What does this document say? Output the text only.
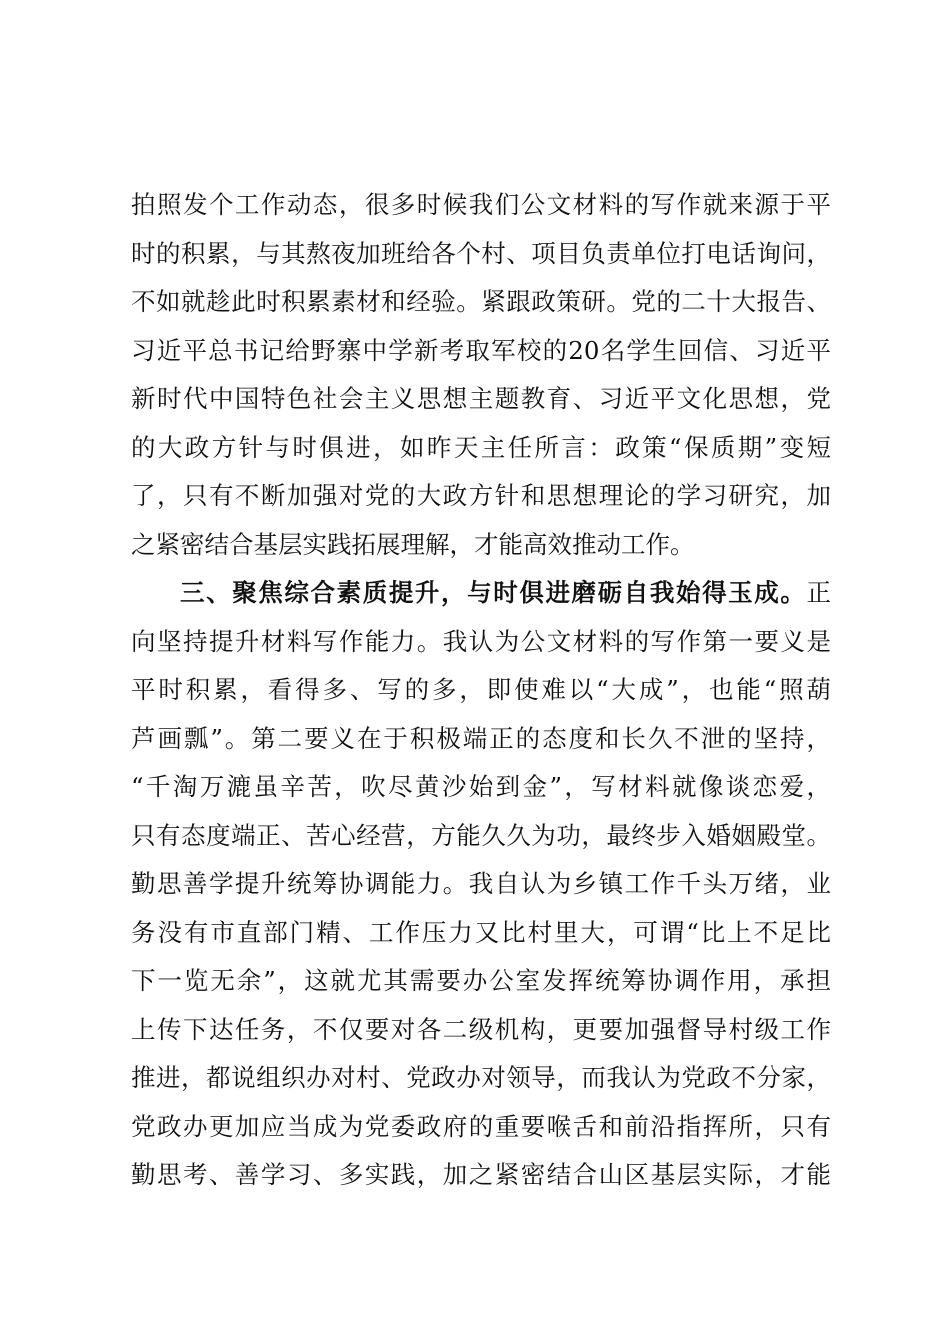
拍照发个工作动态，很多时候我们公文材料的写作就来源于平
时的积累，与其熬夜加班给各个村、项目负责单位打电话询问，
不如就趁此时积累素材和经验。紧跟政策研。党的二十大报告、
习近平总书记给野寨中学新考取军校的20名学生回信、习近平
新时代中国特色社会主义思想主题教育、习近平文化思想，党
的大政方针与时俱进，如昨天主任所言：政策“保质期”变短
了，只有不断加强对党的大政方针和思想理论的学习研究，加
之紧密结合基层实践拓展理解，才能高效推动工作。
三、聚焦综合素质提升，与时俱进磨砺自我始得玉成。正
向坚持提升材料写作能力。我认为公文材料的写作第一要义是
平时积累，看得多、写的多，即使难以“大成”，也能“照葫
芦画瓢”。第二要义在于积极端正的态度和长久不泄的坚持，
“千淘万漉虽辛苦，吹尽黄沙始到金”，写材料就像谈恋爱，
只有态度端正、苦心经营，方能久久为功，最终步入婚姻殿堂。
勤思善学提升统筹协调能力。我自认为乡镇工作千头万绪，业
务没有市直部门精、工作压力又比村里大，可谓“比上不足比
下一览无余”，这就尤其需要办公室发挥统筹协调作用，承担
上传下达任务，不仅要对各二级机构，更要加强督导村级工作
推进，都说组织办对村、党政办对领导，而我认为党政不分家，
党政办更加应当成为党委政府的重要喉舌和前沿指挥所，只有
勤思考、善学习、多实践，加之紧密结合山区基层实际，才能
